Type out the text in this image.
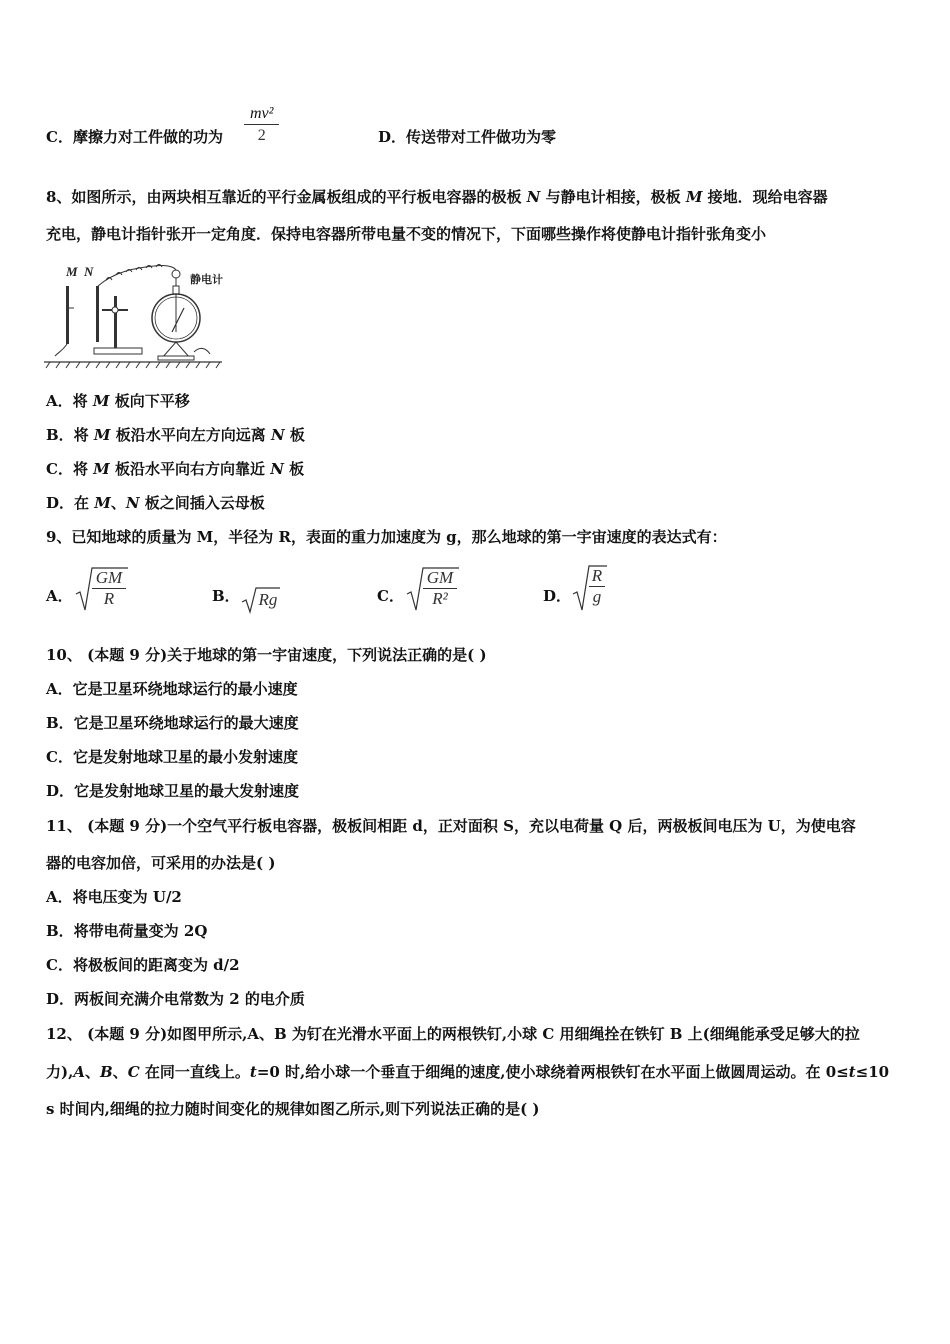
C．摩擦力对工件做的功为 $\frac{\text{mv²}}{2}$	D．传送带对工件做功为零
8、如图所示，由两块相互靠近的平行金属板组成的平行板电容器的极板 N 与静电计相接，极板 M 接地．现给电容器
充电，静电计指针张开一定角度．保持电容器所带电量不变的情况下，下面哪些操作将使静电计指针张角变小
M N
静电计
A．将 M 板向下平移
B．将 M 板沿水平向左方向远离 N 板
C．将 M 板沿水平向右方向靠近 N 板
D．在 M、N 板之间插入云母板
9、已知地球的质量为 M，半径为 R，表面的重力加速度为 g，那么地球的第一宇宙速度的表达式有：
A． $\frac{GM}{R}$	B． Rg	C． $\frac{GM}{\text{R²}}$	D． $\frac{R}{g}$
10、 (本题 9 分)关于地球的第一宇宙速度，下列说法正确的是( )
A．它是卫星环绕地球运行的最小速度
B．它是卫星环绕地球运行的最大速度
C．它是发射地球卫星的最小发射速度
D．它是发射地球卫星的最大发射速度
11、 (本题 9 分)一个空气平行板电容器，极板间相距 d，正对面积 S，充以电荷量 Q 后，两极板间电压为 U，为使电容
器的电容加倍，可采用的办法是( )
A．将电压变为 U/2
B．将带电荷量变为 2Q
C．将极板间的距离变为 d/2
D．两板间充满介电常数为 2 的电介质
12、 (本题 9 分)如图甲所示,A、B 为钉在光滑水平面上的两根铁钉,小球 C 用细绳拴在铁钉 B 上(细绳能承受足够大的拉
力),A、B、C 在同一直线上。t=0 时,给小球一个垂直于细绳的速度,使小球绕着两根铁钉在水平面上做圆周运动。在 0≤t≤10
s 时间内,细绳的拉力随时间变化的规律如图乙所示,则下列说法正确的是( )
